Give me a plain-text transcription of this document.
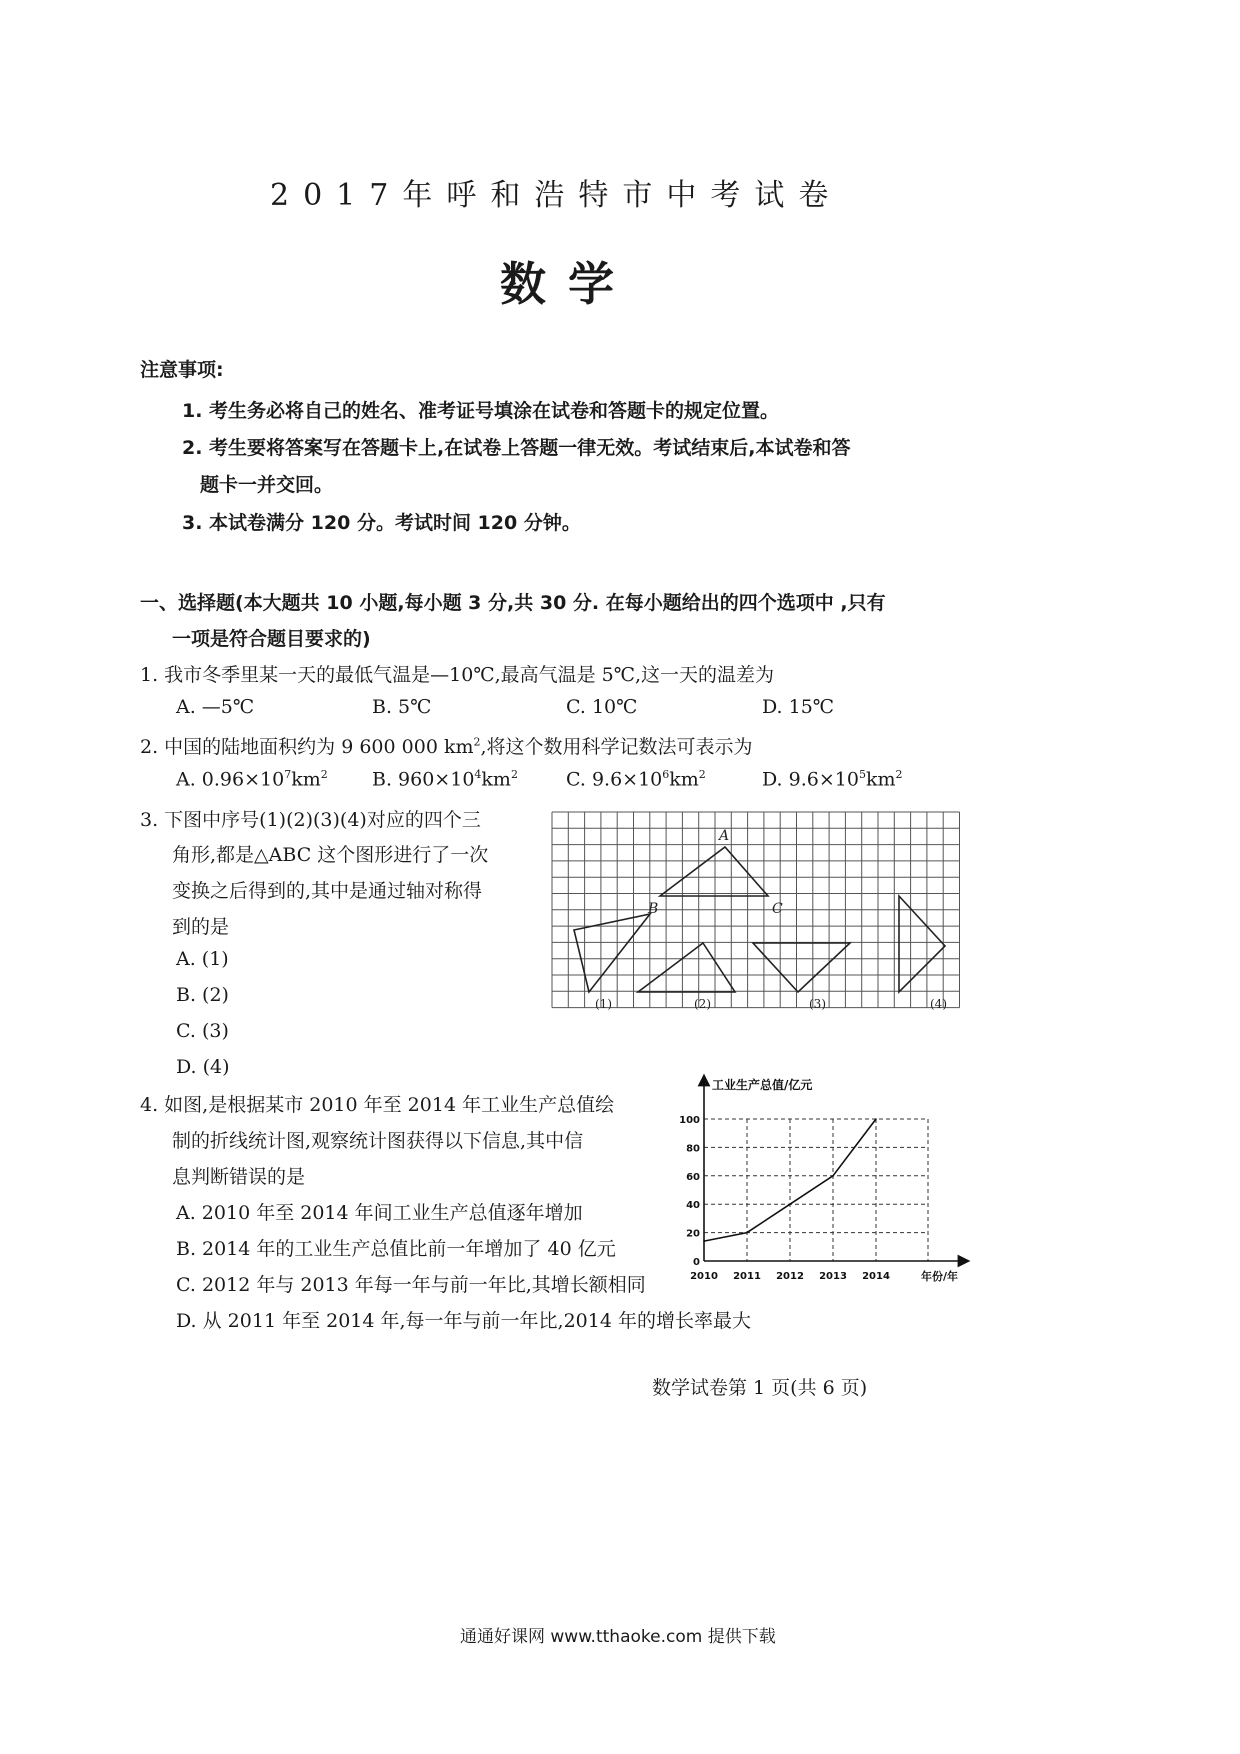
2017年呼和浩特市中考试卷
数学
注意事项:
1. 考生务必将自己的姓名、准考证号填涂在试卷和答题卡的规定位置。
2. 考生要将答案写在答题卡上,在试卷上答题一律无效。考试结束后,本试卷和答
题卡一并交回。
3. 本试卷满分 120 分。考试时间 120 分钟。
一、选择题(本大题共 10 小题,每小题 3 分,共 30 分. 在每小题给出的四个选项中 ,只有
一项是符合题目要求的)
1. 我市冬季里某一天的最低气温是—10℃,最高气温是 5℃,这一天的温差为
A. —5℃	B. 5℃	C. 10℃	D. 15℃
2. 中国的陆地面积约为 9 600 000 $km^2$,将这个数用科学记数法可表示为
A. $0.96\times 10^7km^2$ B. $960\times 10^4km^2$	C. $9.6\times 10^6km^2$	D. $9.6\times 10^5km^2$
3. 下图中序号(1)(2)(3)(4)对应的四个三
角形,都是△ABC 这个图形进行了一次
变换之后得到的,其中是通过轴对称得
到的是
A. (1)
B. (2)
C. (3)
D. (4)
A
B	C
(1)	(2)	(3)	(4)
4. 如图,是根据某市 2010 年至 2014 年工业生产总值绘
制的折线统计图,观察统计图获得以下信息,其中信
息判断错误的是
A. 2010 年至 2014 年间工业生产总值逐年增加
B. 2014 年的工业生产总值比前一年增加了 40 亿元
C. 2012 年与 2013 年每一年与前一年比,其增长额相同
D. 从 2011 年至 2014 年,每一年与前一年比,2014 年的增长率最大
工业生产总值/亿元
年份/年
0
20
40
60
80
100
2010 2011 2012 2013 2014
数学试卷第 1 页(共 6 页)
通通好课网 www.tthaoke.com 提供下载
